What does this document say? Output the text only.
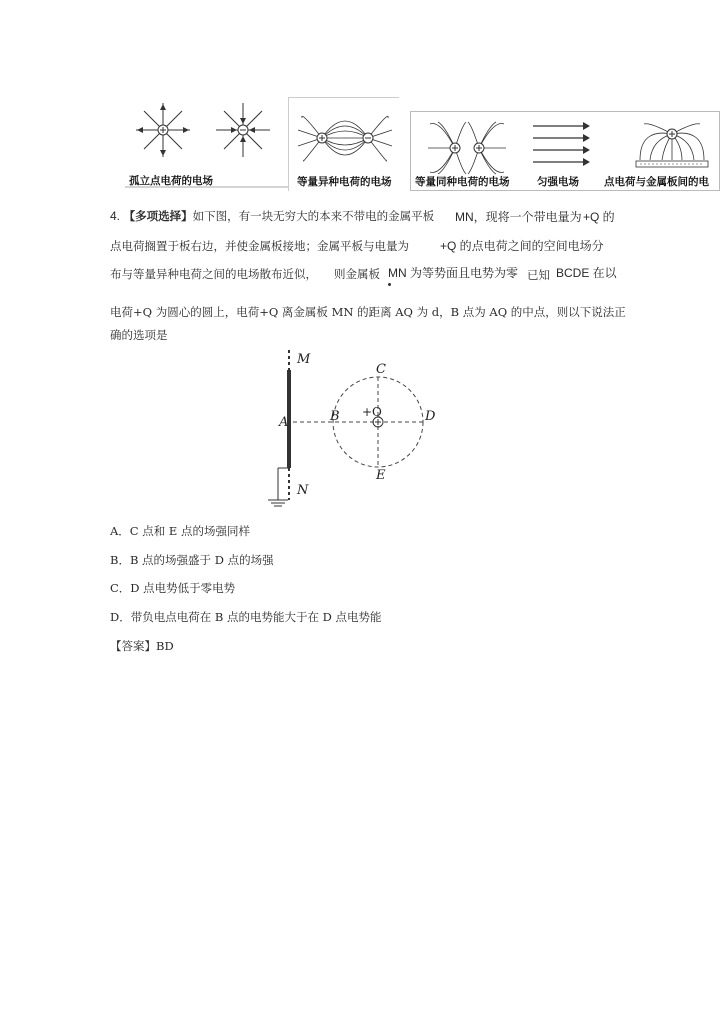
孤立点电荷的电场	等量异种电荷的电场 等量同种电荷的电场	匀强电场 点电荷与金属板间的电
4. 【多项选择】如下图，有一块无穷大的本来不带电的金属平板 MN，现将一个带电量为 +Q 的
点电荷搁置于板右边，并使金属板接地；金属平板与电量为	+Q 的点电荷之间的空间电场分
布与等量异种电荷之间的电场散布近似， 则金属板 MN 为等势面且电势为零 已知 BCDE 在以
电荷+Q 为圆心的圆上，电荷+Q 离金属板 MN 的距离 AQ 为 d，B 点为 AQ 的中点，则以下说法正
确的选项是
M
N
A	B
C
D
E
+Q
A．C 点和 E 点的场强同样
B．B 点的场强盛于 D 点的场强
C．D 点电势低于零电势
D．带负电点电荷在 B 点的电势能大于在 D 点电势能
【答案】BD
